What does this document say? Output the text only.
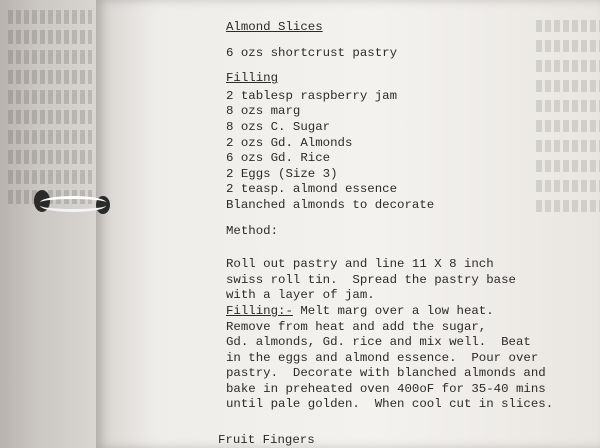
Almond Slices

6 ozs shortcrust pastry

Filling

2 tablesp raspberry jam

8 ozs marg

8 ozs C. Sugar

2 ozs Gd. Almonds

6 ozs Gd. Rice

2 Eggs (Size 3)

2 teasp. almond essence

Blanched almonds to decorate

Method:

Roll out pastry and line 11 X 8 inch

swiss roll tin.  Spread the pastry base

with a layer of jam.

Filling:- Melt marg over a low heat.

Remove from heat and add the sugar,

Gd. almonds, Gd. rice and mix well.  Beat

in the eggs and almond essence.  Pour over

pastry.  Decorate with blanched almonds and

bake in preheated oven 400oF for 35-40 mins

until pale golden.  When cool cut in slices.

Fruit Fingers
